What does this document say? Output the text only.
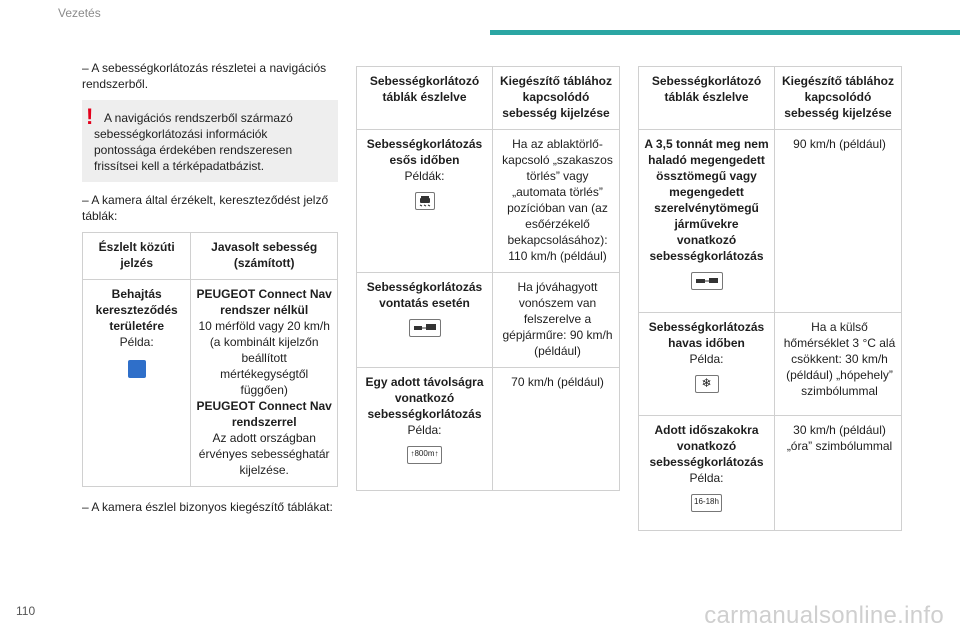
Vezetés

– A sebességkorlátozás részletei a navigációs rendszerből.

! A navigációs rendszerből származó sebességkorlátozási információk pontossága érdekében rendszeresen frissítsei kell a térképadatbázist.

– A kamera által érzékelt, kereszteződést jelző táblák:

Észlelt közúti jelzés	Javasolt sebesség (számított)

Behajtás kereszteződés területére
Példa:	PEUGEOT Connect Nav rendszer nélkül
10 mérföld vagy 20 km/h (a kombinált kijelzőn beállított mértékegységtől függően)
PEUGEOT Connect Nav rendszerrel
Az adott országban érvényes sebességhatár kijelzése.

– A kamera észlel bizonyos kiegészítő táblákat:

Sebességkorlátozó táblák észlelve	Kiegészítő táblához kapcsolódó sebesség kijelzése

Sebességkorlátozás esős időben
Példák:	Ha az ablaktörlő-kapcsoló „szakaszos törlés” vagy „automata törlés” pozícióban van (az esőérzékelő bekapcsolásához): 110 km/h (például)

Sebességkorlátozás vontatás esetén	Ha jóváhagyott vonószem van felszerelve a gépjárműre: 90 km/h (például)

Egy adott távolságra vonatkozó sebességkorlátozás
Példa:
↑800m↑	70 km/h (például)
Sebességkorlátozó táblák észlelve	Kiegészítő táblához kapcsolódó sebesség kijelzése

A 3,5 tonnát meg nem haladó megengedett össztömegű vagy megengedett szerelvénytömegű járművekre vonatkozó sebességkorlátozás	90 km/h (például)

Sebességkorlátozás havas időben
Példa:
❄	Ha a külső hőmérséklet 3 °C alá csökkent: 30 km/h (például) „hópehely” szimbólummal

Adott időszakokra vonatkozó sebességkorlátozás
Példa:
16-18h	30 km/h (például) „óra” szimbólummal
110	carmanualsonline.info
